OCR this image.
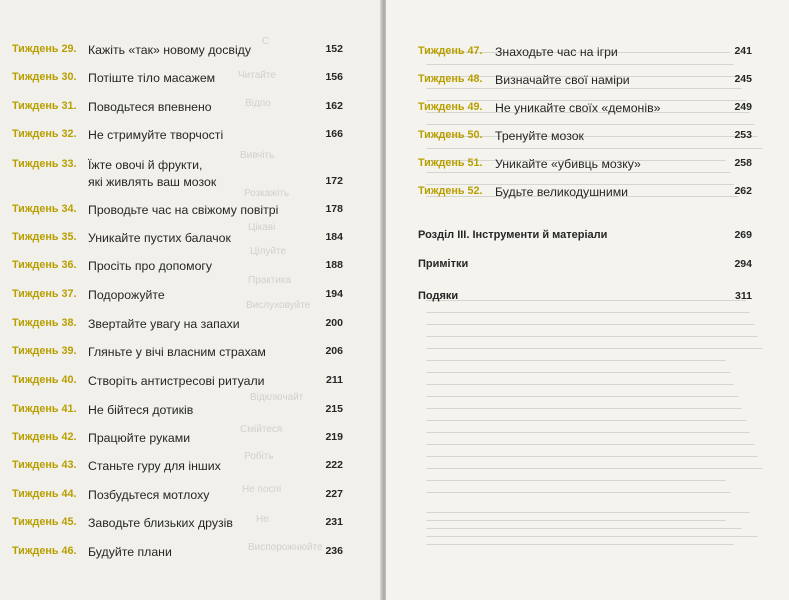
С
Читайте
Відпо
Вивчіть
Розкажіть
Цікаві
Цілуйте
Практика
Вислуховуйте
Відключайт
Смійтеся
Робіть
Не поспі
Не
Виспорожнюйте
Тиждень 29. Кажіть «так» новому досвіду	152
Тиждень 30. Потіште тіло масажем	156
Тиждень 31. Поводьтеся впевнено	162
Тиждень 32. Не стримуйте творчості	166
Тиждень 33. Їжте овочі й фрукти,
які живлять ваш мозок	172
Тиждень 34. Проводьте час на свіжому повітрі	178
Тиждень 35. Уникайте пустих балачок	184
Тиждень 36. Просіть про допомогу	188
Тиждень 37. Подорожуйте	194
Тиждень 38. Звертайте увагу на запахи	200
Тиждень 39. Гляньте у вічі власним страхам	206
Тиждень 40. Створіть антистресові ритуали	211
Тиждень 41. Не бійтеся дотиків	215
Тиждень 42. Працюйте руками	219
Тиждень 43. Станьте гуру для інших	222
Тиждень 44. Позбудьтеся мотлоху	227
Тиждень 45. Заводьте близьких друзів	231
Тиждень 46. Будуйте плани	236
Тиждень 47. Знаходьте час на ігри	241
Тиждень 48. Визначайте свої наміри	245
Тиждень 49. Не уникайте своїх «демонів»	249
Тиждень 50. Тренуйте мозок	253
Тиждень 51. Уникайте «убивць мозку»	258
Тиждень 52. Будьте великодушними	262
Розділ III. Інструменти й матеріали	269
Примітки	294
Подяки	311
